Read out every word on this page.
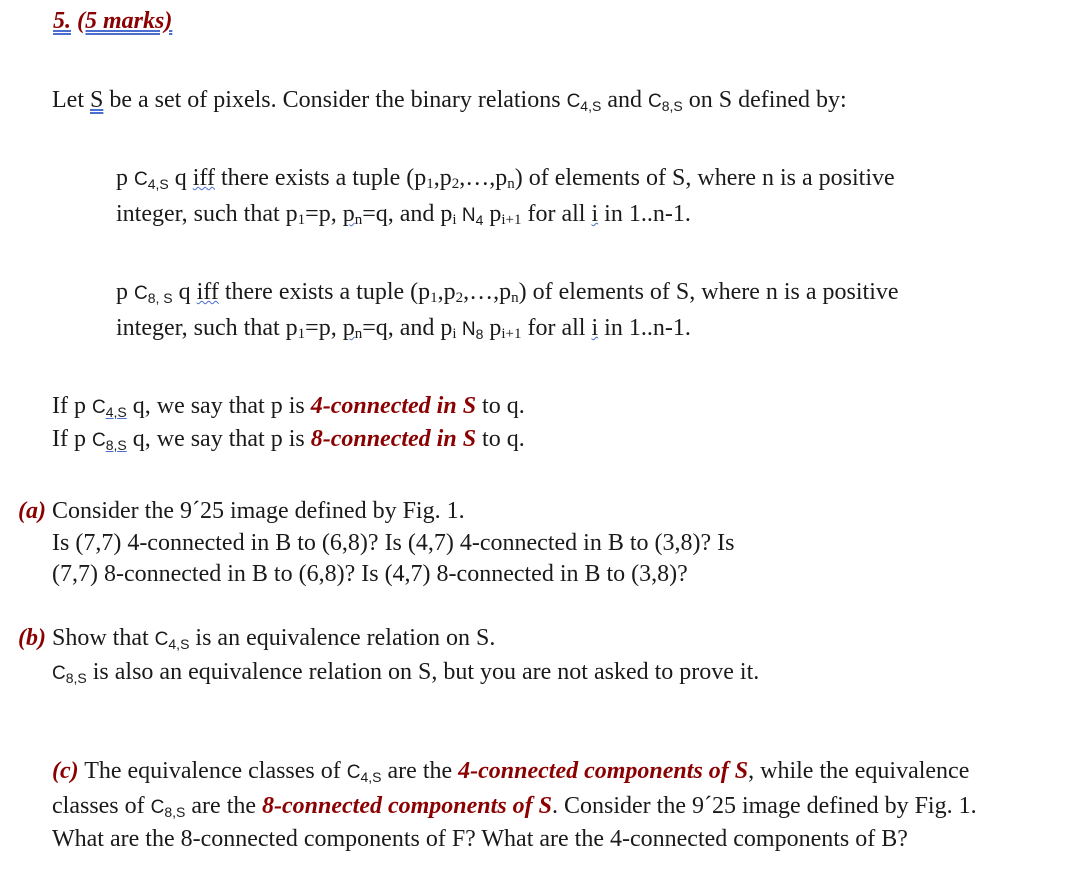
5. (5 marks)
Let S be a set of pixels. Consider the binary relations C4,S and C8,S on S defined by:
p C4,S q iff there exists a tuple (p1,p2,…,pn) of elements of S, where n is a positive
integer, such that p1=p, pn=q, and pi N4 pi+1 for all i in 1..n-1.
p C8, S q iff there exists a tuple (p1,p2,…,pn) of elements of S, where n is a positive
integer, such that p1=p, pn=q, and pi N8 pi+1 for all i in 1..n-1.
If p C4,S q, we say that p is 4-connected in S to q.
If p C8,S q, we say that p is 8-connected in S to q.
(a) Consider the 9´25 image defined by Fig. 1.
Is (7,7) 4-connected in B to (6,8)? Is (4,7) 4-connected in B to (3,8)? Is
(7,7) 8-connected in B to (6,8)? Is (4,7) 8-connected in B to (3,8)?
(b) Show that C4,S is an equivalence relation on S.
C8,S is also an equivalence relation on S, but you are not asked to prove it.
(c) The equivalence classes of C4,S are the 4-connected components of S, while the equivalence
classes of C8,S are the 8-connected components of S. Consider the 9´25 image defined by Fig. 1.
What are the 8-connected components of F? What are the 4-connected components of B?
